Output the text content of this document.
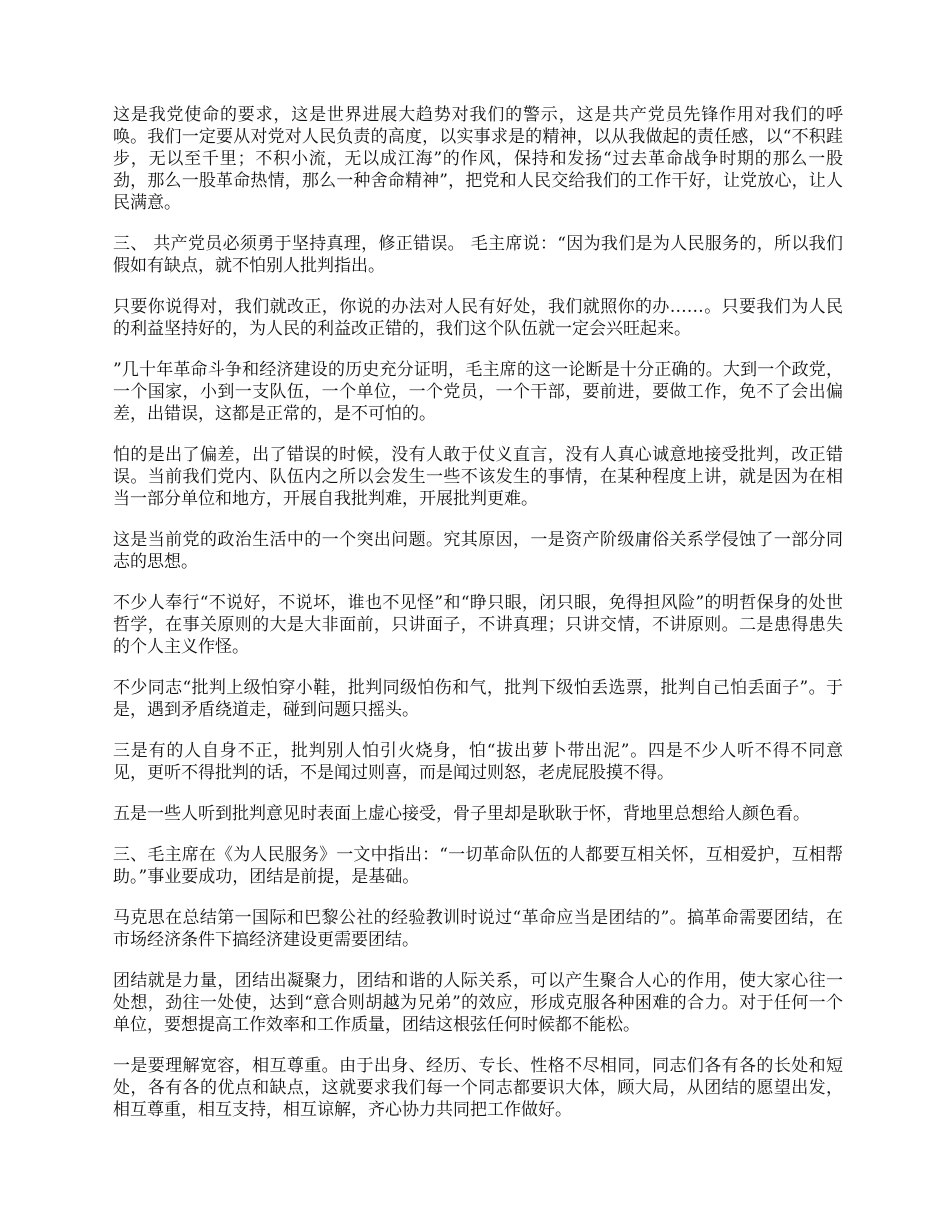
这是我党使命的要求，这是世界进展大趋势对我们的警示，这是共产党员先锋作用对我们的呼唤。我们一定要从对党对人民负责的高度，以实事求是的精神，以从我做起的责任感，以“不积跬步，无以至千里；不积小流，无以成江海”的作风，保持和发扬“过去革命战争时期的那么一股劲，那么一股革命热情，那么一种舍命精神”，把党和人民交给我们的工作干好，让党放心，让人民满意。

三、 共产党员必须勇于坚持真理，修正错误。 毛主席说：“因为我们是为人民服务的，所以我们假如有缺点，就不怕别人批判指出。

只要你说得对，我们就改正，你说的办法对人民有好处，我们就照你的办……。只要我们为人民的利益坚持好的，为人民的利益改正错的，我们这个队伍就一定会兴旺起来。

”几十年革命斗争和经济建设的历史充分证明，毛主席的这一论断是十分正确的。大到一个政党，一个国家，小到一支队伍，一个单位，一个党员，一个干部，要前进，要做工作，免不了会出偏差，出错误，这都是正常的，是不可怕的。

怕的是出了偏差，出了错误的时候，没有人敢于仗义直言，没有人真心诚意地接受批判，改正错误。当前我们党内、队伍内之所以会发生一些不该发生的事情，在某种程度上讲，就是因为在相当一部分单位和地方，开展自我批判难，开展批判更难。

这是当前党的政治生活中的一个突出问题。究其原因，一是资产阶级庸俗关系学侵蚀了一部分同志的思想。

不少人奉行“不说好，不说坏，谁也不见怪”和“睁只眼，闭只眼，免得担风险”的明哲保身的处世哲学，在事关原则的大是大非面前，只讲面子，不讲真理；只讲交情，不讲原则。二是患得患失的个人主义作怪。

不少同志“批判上级怕穿小鞋，批判同级怕伤和气，批判下级怕丢选票，批判自己怕丢面子”。于是，遇到矛盾绕道走，碰到问题只摇头。

三是有的人自身不正，批判别人怕引火烧身，怕“拔出萝卜带出泥”。四是不少人听不得不同意见，更听不得批判的话，不是闻过则喜，而是闻过则怒，老虎屁股摸不得。

五是一些人听到批判意见时表面上虚心接受，骨子里却是耿耿于怀，背地里总想给人颜色看。

三、毛主席在《为人民服务》一文中指出：“一切革命队伍的人都要互相关怀，互相爱护，互相帮助。”事业要成功，团结是前提，是基础。

马克思在总结第一国际和巴黎公社的经验教训时说过“革命应当是团结的”。搞革命需要团结，在市场经济条件下搞经济建设更需要团结。

团结就是力量，团结出凝聚力，团结和谐的人际关系，可以产生聚合人心的作用，使大家心往一处想，劲往一处使，达到“意合则胡越为兄弟”的效应，形成克服各种困难的合力。对于任何一个单位，要想提高工作效率和工作质量，团结这根弦任何时候都不能松。

一是要理解宽容，相互尊重。由于出身、经历、专长、性格不尽相同，同志们各有各的长处和短处，各有各的优点和缺点，这就要求我们每一个同志都要识大体，顾大局，从团结的愿望出发，相互尊重，相互支持，相互谅解，齐心协力共同把工作做好。
